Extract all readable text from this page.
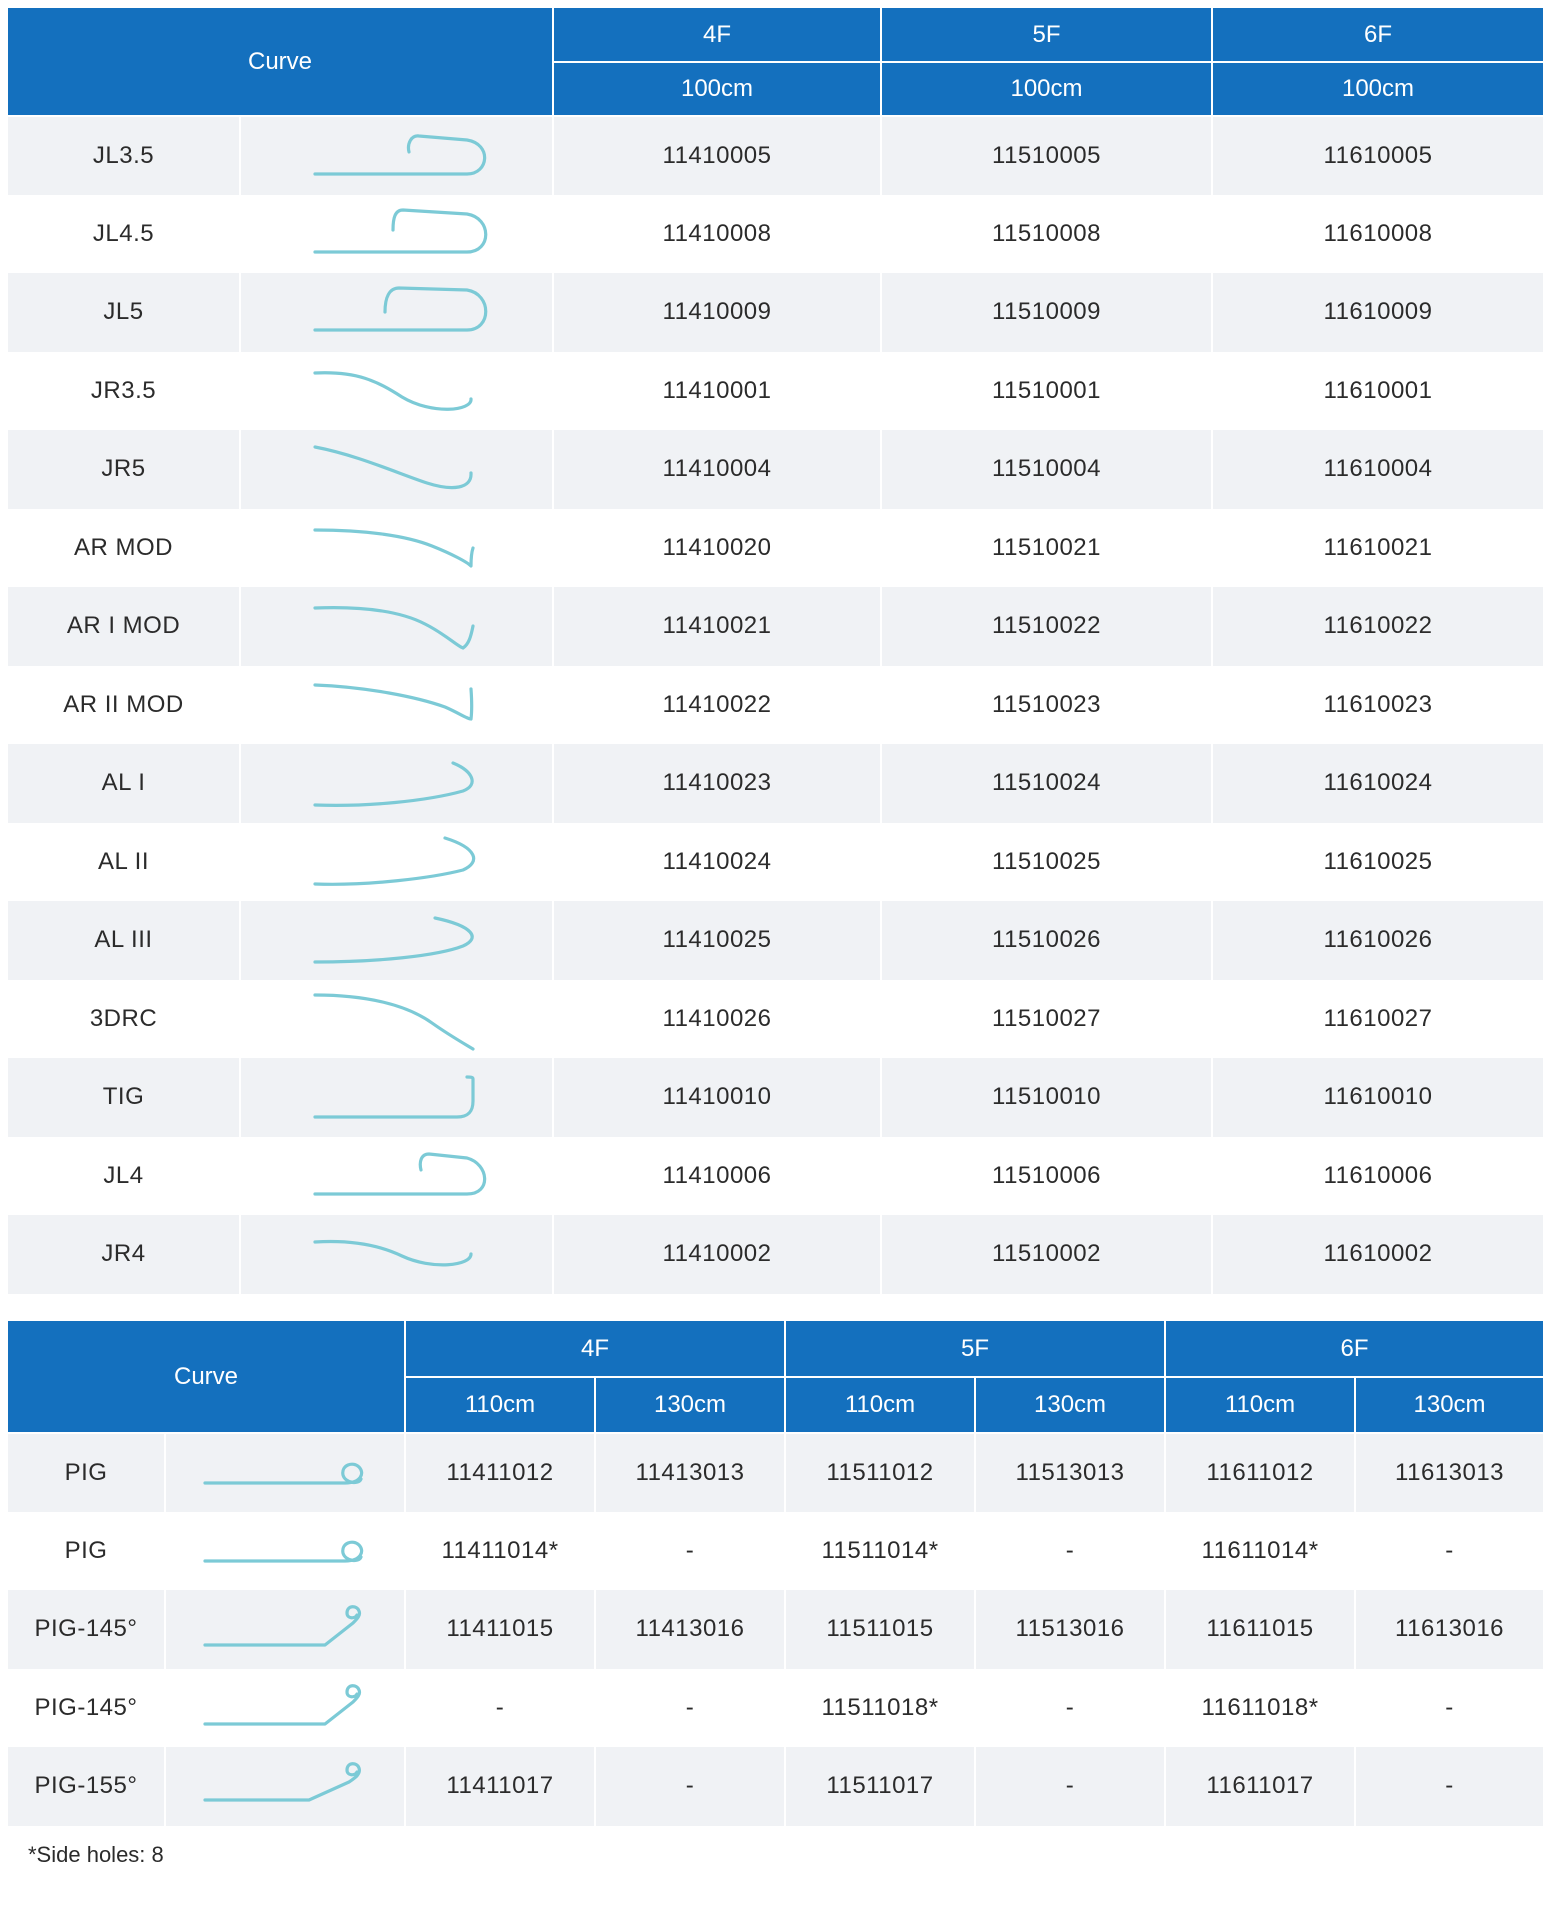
Curve		4F	5F	6F
		100cm	100cm	100cm
JL3.5		11410005	11510005	11610005
JL4.5		11410008	11510008	11610008
JL5		11410009	11510009	11610009
JR3.5		11410001	11510001	11610001
JR5		11410004	11510004	11610004
AR MOD		11410020	11510021	11610021
AR I MOD		11410021	11510022	11610022
AR II MOD		11410022	11510023	11610023
AL I		11410023	11510024	11610024
AL II		11410024	11510025	11610025
AL III		11410025	11510026	11610026
3DRC		11410026	11510027	11610027
TIG		11410010	11510010	11610010
JL4		11410006	11510006	11610006
JR4		11410002	11510002	11610002
Curve		4F		5F		6F	
		110cm	130cm	110cm	130cm	110cm	130cm
PIG		11411012	11413013	11511012	11513013	11611012	11613013
PIG		11411014*	-	11511014*	-	11611014*	-
PIG-145°		11411015	11413016	11511015	11513016	11611015	11613016
PIG-145°		-	-	11511018*	-	11611018*	-
PIG-155°		11411017	-	11511017	-	11611017	-
*Side holes: 8
